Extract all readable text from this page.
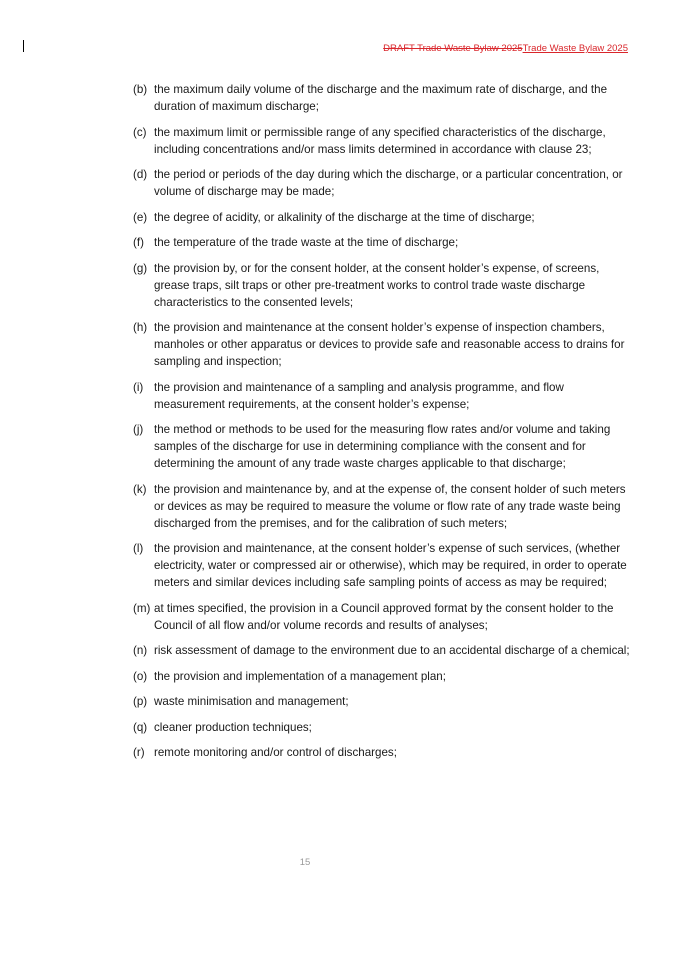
DRAFT Trade Waste Bylaw 2025Trade Waste Bylaw 2025
(b) the maximum daily volume of the discharge and the maximum rate of discharge, and the duration of maximum discharge;
(c) the maximum limit or permissible range of any specified characteristics of the discharge, including concentrations and/or mass limits determined in accordance with clause 23;
(d) the period or periods of the day during which the discharge, or a particular concentration, or volume of discharge may be made;
(e) the degree of acidity, or alkalinity of the discharge at the time of discharge;
(f) the temperature of the trade waste at the time of discharge;
(g) the provision by, or for the consent holder, at the consent holder’s expense, of screens, grease traps, silt traps or other pre-treatment works to control trade waste discharge characteristics to the consented levels;
(h) the provision and maintenance at the consent holder’s expense of inspection chambers, manholes or other apparatus or devices to provide safe and reasonable access to drains for sampling and inspection;
(i) the provision and maintenance of a sampling and analysis programme, and flow measurement requirements, at the consent holder’s expense;
(j) the method or methods to be used for the measuring flow rates and/or volume and taking samples of the discharge for use in determining compliance with the consent and for determining the amount of any trade waste charges applicable to that discharge;
(k) the provision and maintenance by, and at the expense of, the consent holder of such meters or devices as may be required to measure the volume or flow rate of any trade waste being discharged from the premises, and for the calibration of such meters;
(l) the provision and maintenance, at the consent holder’s expense of such services, (whether electricity, water or compressed air or otherwise), which may be required, in order to operate meters and similar devices including safe sampling points of access as may be required;
(m) at times specified, the provision in a Council approved format by the consent holder to the Council of all flow and/or volume records and results of analyses;
(n) risk assessment of damage to the environment due to an accidental discharge of a chemical;
(o) the provision and implementation of a management plan;
(p) waste minimisation and management;
(q) cleaner production techniques;
(r) remote monitoring and/or control of discharges;
15
